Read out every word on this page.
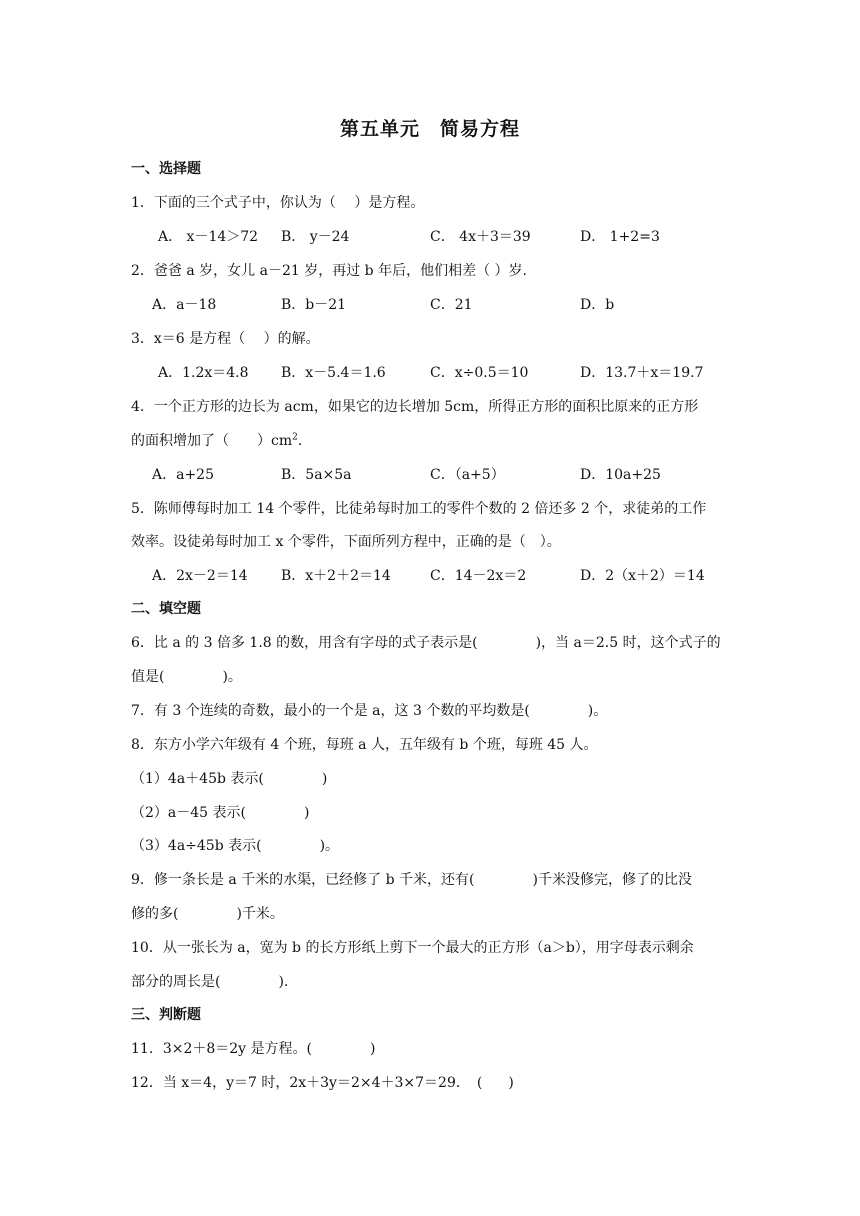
第五单元　简易方程
一、选择题
1．下面的三个式子中，你认为（　 ）是方程。
A． x－14＞72 B． y－24	C． 4x＋3＝39	D． 1+2=3
2．爸爸 a 岁，女儿 a－21 岁，再过 b 年后，他们相差（ ）岁.
A．a－18	B．b－21	C．21	D．b
3．x＝6 是方程（　 ）的解。
A．1.2x＝4.8 B．x－5.4＝1.6	C．x÷0.5＝10	D．13.7＋x＝19.7
4．一个正方形的边长为 acm，如果它的边长增加 5cm，所得正方形的面积比原来的正方形
的面积增加了（　　）$cm^2$.
A．a+25	B．5a×5a	C．（a+5）	D．10a+25
5．陈师傅每时加工 14 个零件，比徒弟每时加工的零件个数的 2 倍还多 2 个，求徒弟的工作
效率。设徒弟每时加工 x 个零件，下面所列方程中，正确的是（　）。
A．2x－2＝14 B．x＋2＋2＝14	C．14－2x＝2	D．2（x＋2）＝14
二、填空题
6．比 a 的 3 倍多 1.8 的数，用含有字母的式子表示是(	)，当 a＝2.5 时，这个式子的
值是(	)。
7．有 3 个连续的奇数，最小的一个是 a，这 3 个数的平均数是(	)。
8．东方小学六年级有 4 个班，每班 a 人，五年级有 b 个班，每班 45 人。
（1）4a＋45b 表示(	)
（2）a－45 表示(	)
（3）4a÷45b 表示(	)。
9．修一条长是 a 千米的水渠，已经修了 b 千米，还有(	)千米没修完，修了的比没
修的多(	)千米。
10．从一张长为 a，宽为 b 的长方形纸上剪下一个最大的正方形（a＞b），用字母表示剩余
部分的周长是(	).
三、判断题
11．3×2＋8＝2y 是方程。(	)
12．当 x＝4，y＝7 时，2x＋3y＝2×4＋3×7＝29．　( )
